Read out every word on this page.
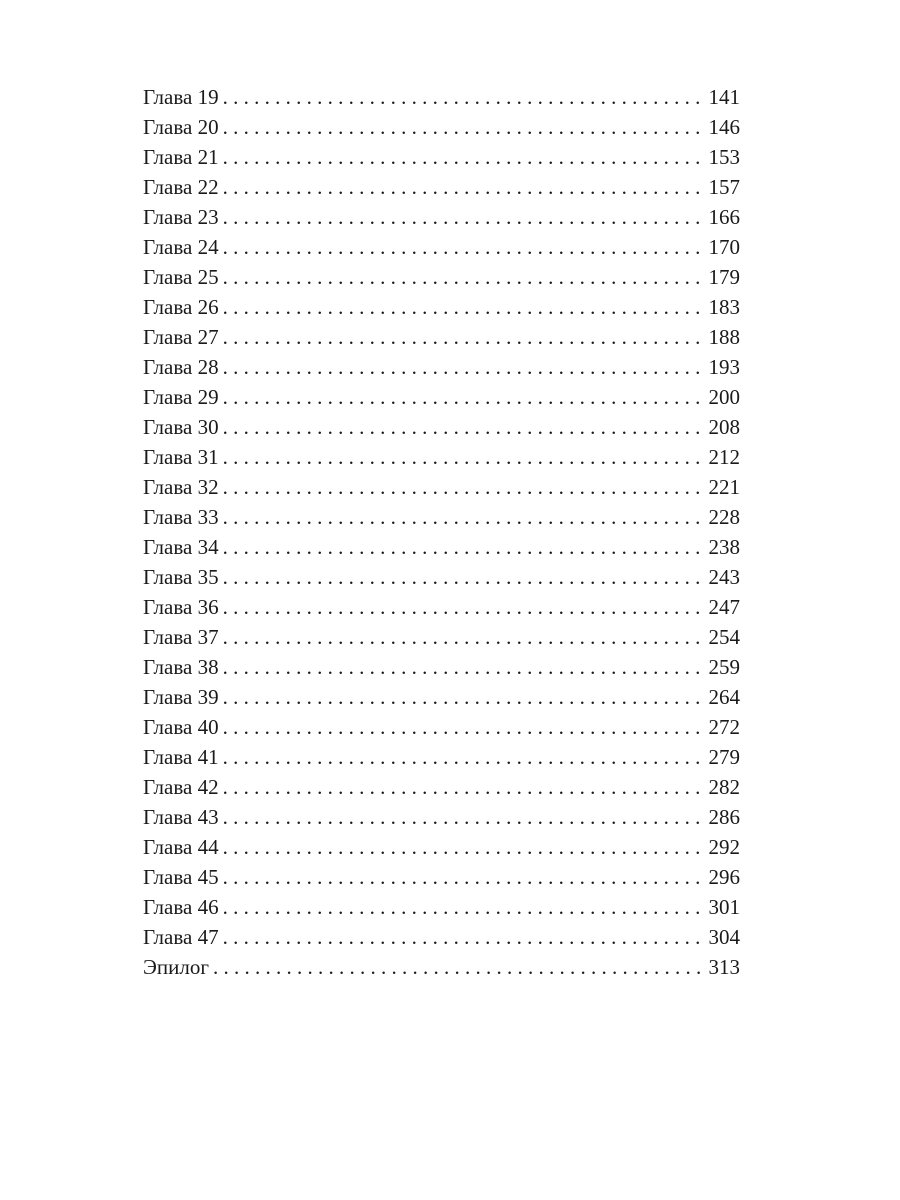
Глава 19 . . .	141
Глава 20 . . .	146
Глава 21 . . .	153
Глава 22 . . .	157
Глава 23 . . .	166
Глава 24 . . .	170
Глава 25 . . .	179
Глава 26 . . .	183
Глава 27 . . .	188
Глава 28 . . .	193
Глава 29 . . .	200
Глава 30 . . .	208
Глава 31 . . .	212
Глава 32 . . .	221
Глава 33 . . .	228
Глава 34 . . .	238
Глава 35 . . .	243
Глава 36 . . .	247
Глава 37 . . .	254
Глава 38 . . .	259
Глава 39 . . .	264
Глава 40 . . .	272
Глава 41 . . .	279
Глава 42 . . .	282
Глава 43 . . .	286
Глава 44 . . .	292
Глава 45 . . .	296
Глава 46 . . .	301
Глава 47 . . .	304
Эпилог . . .	313
